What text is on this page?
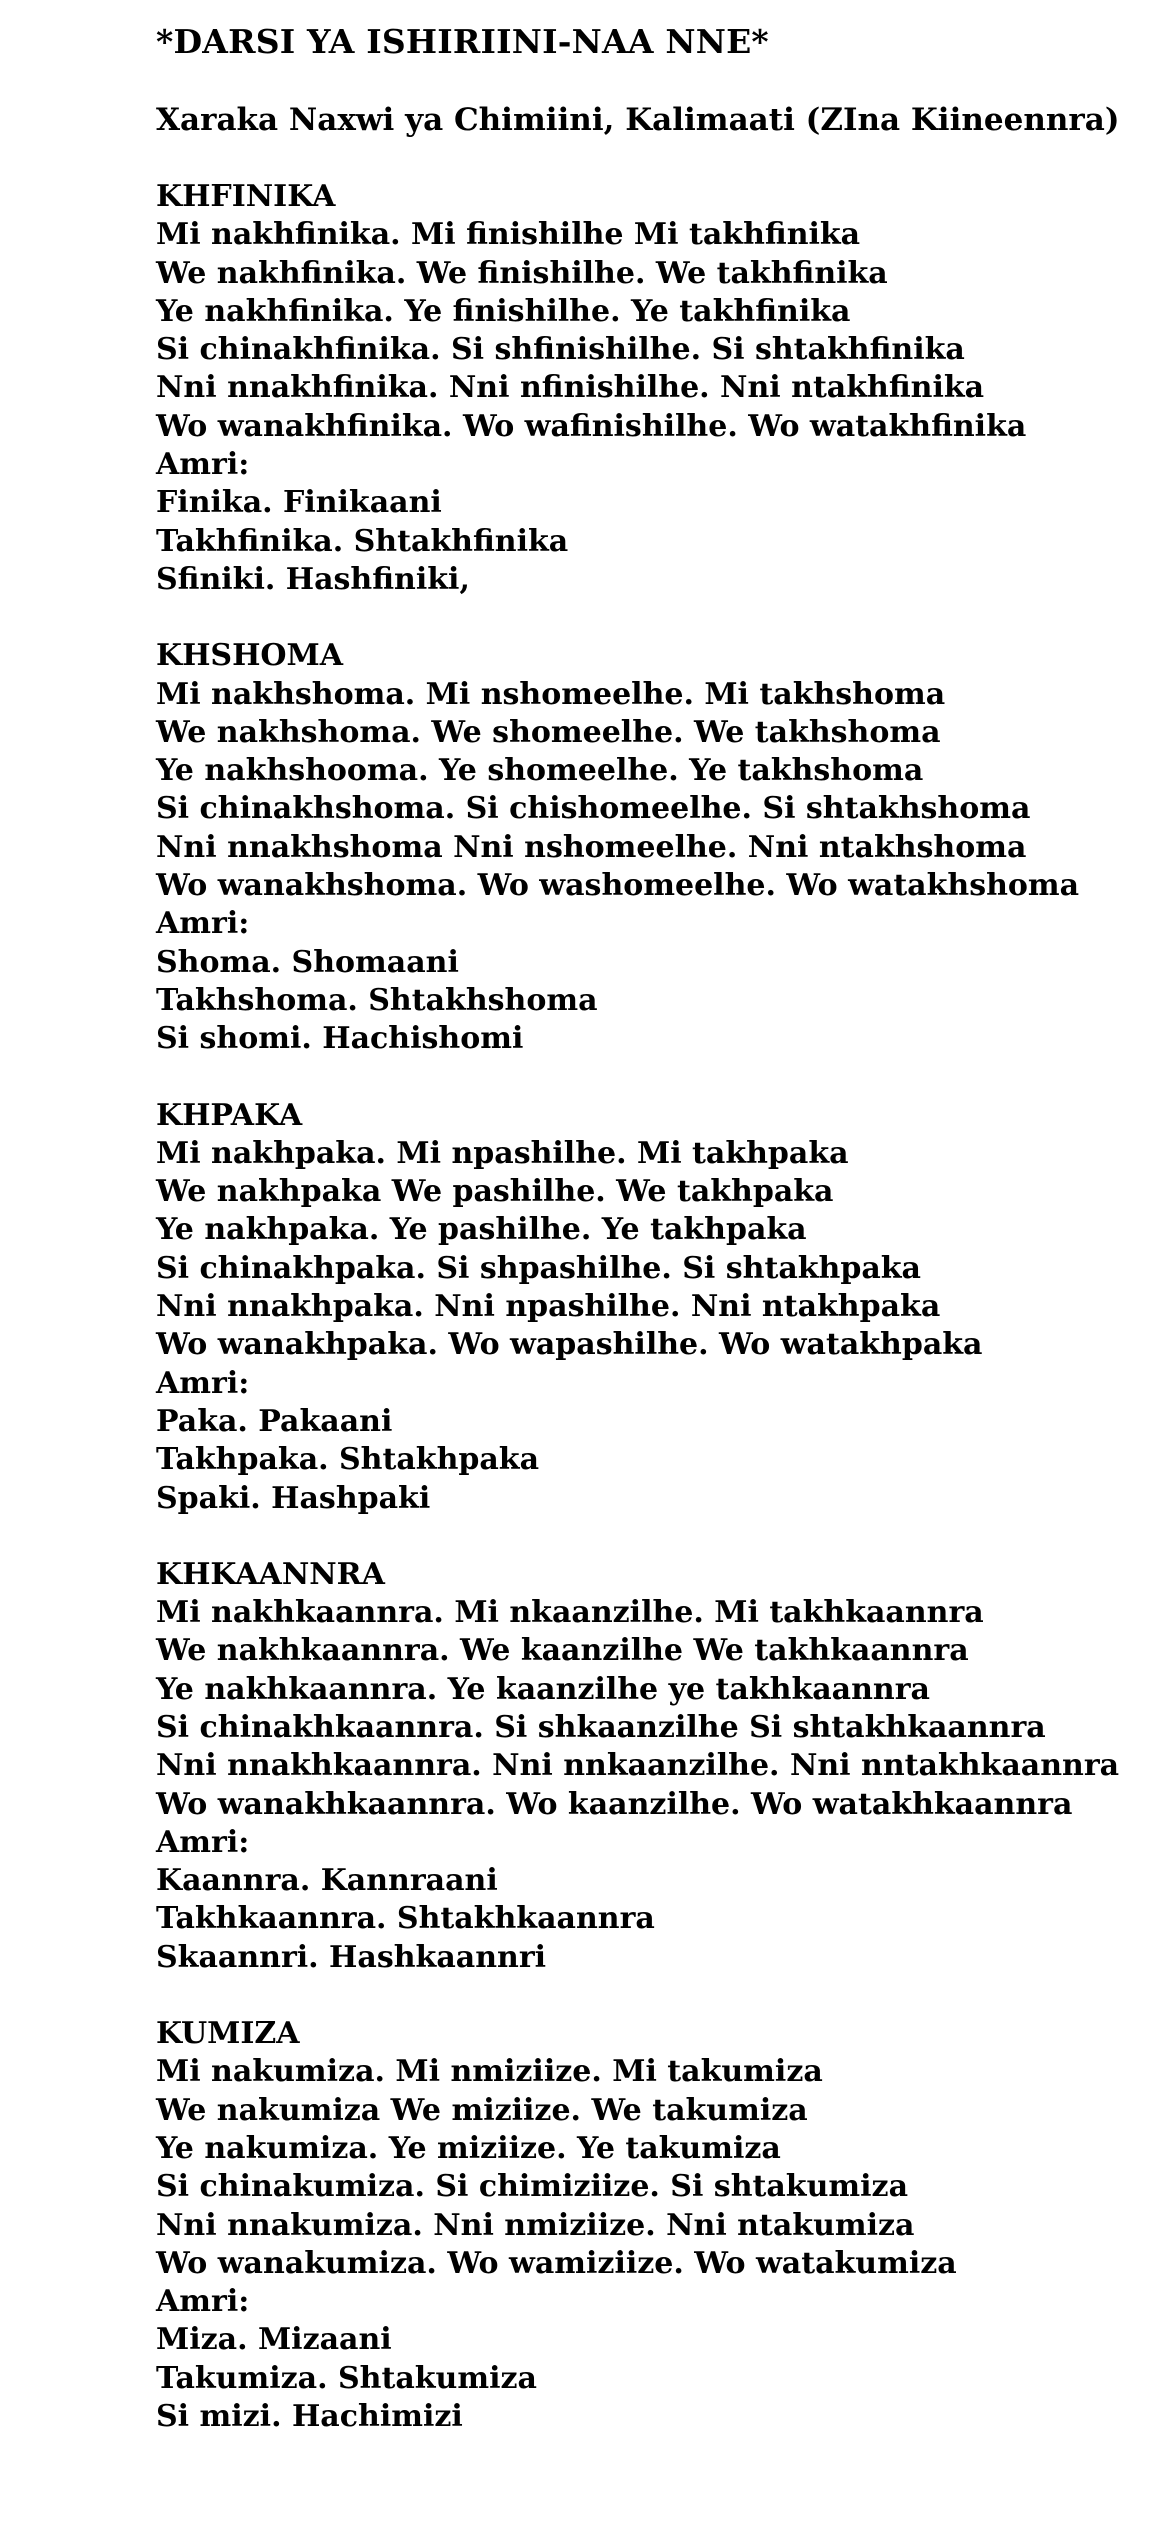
*DARSI YA ISHIRIINI-NAA NNE*
Xaraka Naxwi ya Chimiini, Kalimaati (ZIna Kiineennra)
KHFINIKA
Mi nakhfinika. Mi finishilhe Mi takhfinika
We nakhfinika. We finishilhe. We takhfinika
Ye nakhfinika. Ye finishilhe. Ye takhfinika
Si chinakhfinika. Si shfinishilhe. Si shtakhfinika
Nni nnakhfinika. Nni nfinishilhe. Nni ntakhfinika
Wo wanakhfinika. Wo wafinishilhe. Wo watakhfinika
Amri:
Finika. Finikaani
Takhfinika. Shtakhfinika
Sfiniki. Hashfiniki,
KHSHOMA
Mi nakhshoma. Mi nshomeelhe. Mi takhshoma
We nakhshoma. We shomeelhe. We takhshoma
Ye nakhshooma. Ye shomeelhe. Ye takhshoma
Si chinakhshoma. Si chishomeelhe. Si shtakhshoma
Nni nnakhshoma Nni nshomeelhe. Nni ntakhshoma
Wo wanakhshoma. Wo washomeelhe. Wo watakhshoma
Amri:
Shoma. Shomaani
Takhshoma. Shtakhshoma
Si shomi. Hachishomi
KHPAKA
Mi nakhpaka. Mi npashilhe. Mi takhpaka
We nakhpaka We pashilhe. We takhpaka
Ye nakhpaka. Ye pashilhe. Ye takhpaka
Si chinakhpaka. Si shpashilhe. Si shtakhpaka
Nni nnakhpaka. Nni npashilhe. Nni ntakhpaka
Wo wanakhpaka. Wo wapashilhe. Wo watakhpaka
Amri:
Paka. Pakaani
Takhpaka. Shtakhpaka
Spaki. Hashpaki
KHKAANNRA
Mi nakhkaannra. Mi nkaanzilhe. Mi takhkaannra
We nakhkaannra. We kaanzilhe We takhkaannra
Ye nakhkaannra. Ye kaanzilhe ye takhkaannra
Si chinakhkaannra. Si shkaanzilhe Si shtakhkaannra
Nni nnakhkaannra. Nni nnkaanzilhe. Nni nntakhkaannra
Wo wanakhkaannra. Wo kaanzilhe. Wo watakhkaannra
Amri:
Kaannra. Kannraani
Takhkaannra. Shtakhkaannra
Skaannri. Hashkaannri
KUMIZA
Mi nakumiza. Mi nmiziize. Mi takumiza
We nakumiza We miziize. We takumiza
Ye nakumiza. Ye miziize. Ye takumiza
Si chinakumiza. Si chimiziize. Si shtakumiza
Nni nnakumiza. Nni nmiziize. Nni ntakumiza
Wo wanakumiza. Wo wamiziize. Wo watakumiza
Amri:
Miza. Mizaani
Takumiza. Shtakumiza
Si mizi. Hachimizi
